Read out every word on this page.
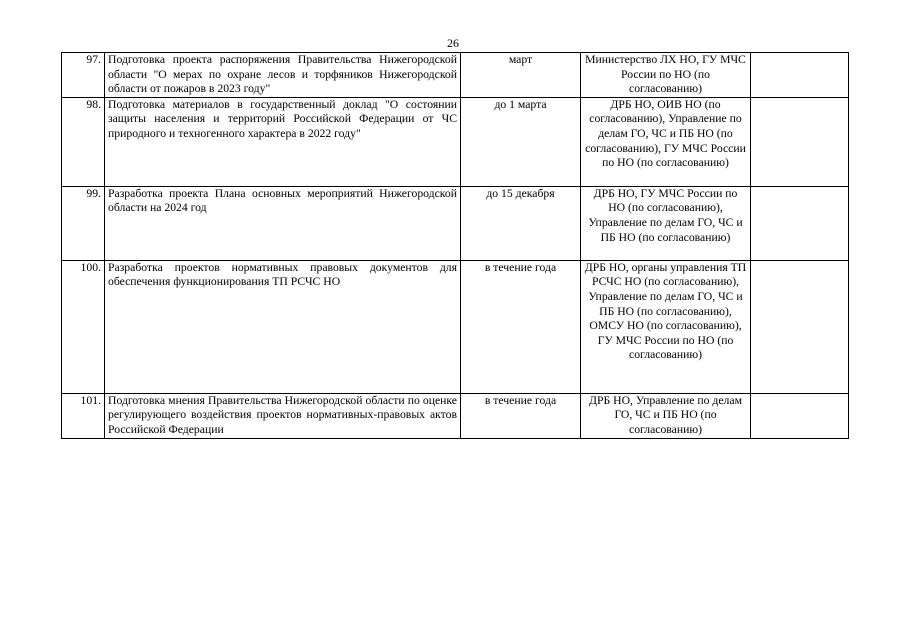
26
97.	Подготовка проекта распоряжения Правительства Нижегородской области "О мерах по охране лесов и торфяников Нижегородской области от пожаров в 2023 году"	март	Министерство ЛХ НО, ГУ МЧС России по НО (по согласованию)	
98.	Подготовка материалов в государственный доклад "О состоянии защиты населения и территорий Российской Федерации от ЧС природного и техногенного характера в 2022 году"	до 1 марта	ДРБ НО, ОИВ НО (по согласованию), Управление по делам ГО, ЧС и ПБ НО (по согласованию), ГУ МЧС России по НО (по согласованию)	
99.	Разработка проекта Плана основных мероприятий Нижегородской области на 2024 год	до 15 декабря	ДРБ НО, ГУ МЧС России по НО (по согласованию), Управление по делам ГО, ЧС и ПБ НО (по согласованию)	
100.	Разработка проектов нормативных правовых документов для обеспечения функционирования ТП РСЧС НО	в течение года	ДРБ НО, органы управления ТП РСЧС НО (по согласованию), Управление по делам ГО, ЧС и ПБ НО (по согласованию), ОМСУ НО (по согласованию), ГУ МЧС России по НО (по согласованию)	
101.	Подготовка мнения Правительства Нижегородской области по оценке регулирующего воздействия проектов нормативных-правовых актов Российской Федерации	в течение года	ДРБ НО, Управление по делам ГО, ЧС и ПБ НО (по согласованию)	
